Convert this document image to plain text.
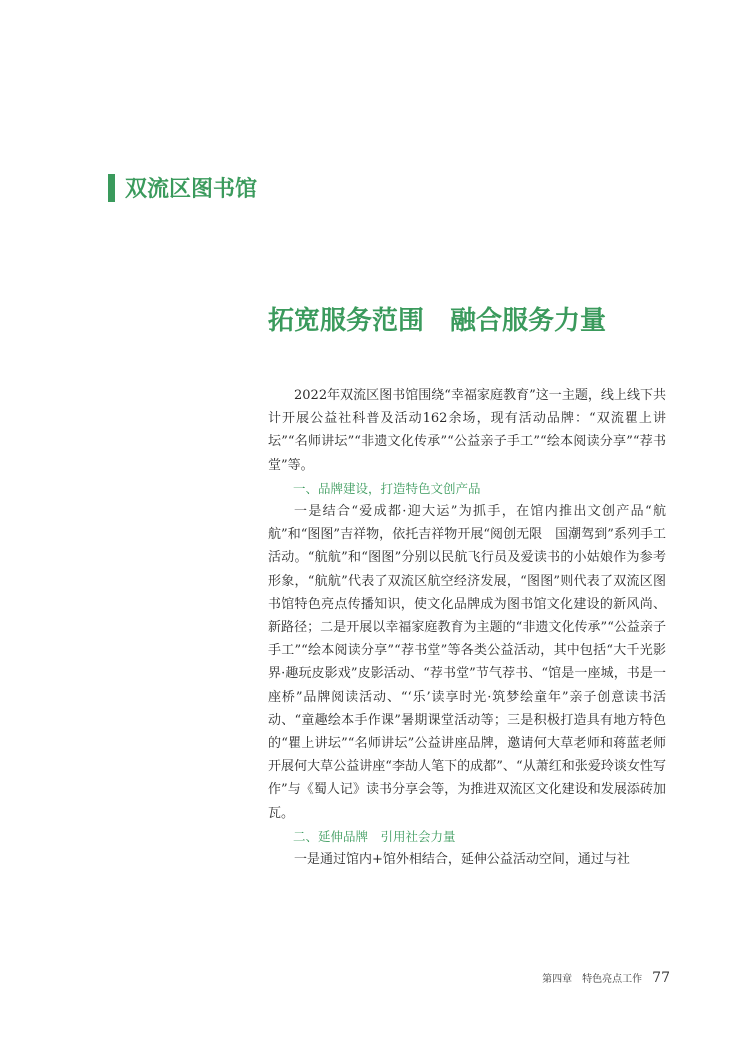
双流区图书馆
拓宽服务范围　融合服务力量

2022年双流区图书馆围绕“幸福家庭教育”这一主题，线上线下共计开展公益社科普及活动162余场，现有活动品牌：“双流瞿上讲坛”“名师讲坛”“非遗文化传承”“公益亲子手工”“绘本阅读分享”“荐书堂”等。

一、品牌建设，打造特色文创产品

一是结合“爱成都·迎大运”为抓手，在馆内推出文创产品“航航”和“图图”吉祥物，依托吉祥物开展“阅创无限　国潮驾到”系列手工活动。“航航”和“图图”分别以民航飞行员及爱读书的小姑娘作为参考形象，“航航”代表了双流区航空经济发展，“图图”则代表了双流区图书馆特色亮点传播知识，使文化品牌成为图书馆文化建设的新风尚、新路径；二是开展以幸福家庭教育为主题的“非遗文化传承”“公益亲子手工”“绘本阅读分享”“荐书堂”等各类公益活动，其中包括“大千光影界·趣玩皮影戏”皮影活动、“荐书堂”节气荐书、“馆是一座城，书是一座桥”品牌阅读活动、“‘乐’读享时光·筑梦绘童年”亲子创意读书活动、“童趣绘本手作课”暑期课堂活动等；三是积极打造具有地方特色的“瞿上讲坛”“名师讲坛”公益讲座品牌，邀请何大草老师和蒋蓝老师开展何大草公益讲座“李劼人笔下的成都”、“从萧红和张爱玲谈女性写作”与《蜀人记》读书分享会等，为推进双流区文化建设和发展添砖加瓦。

二、延伸品牌　引用社会力量

一是通过馆内+馆外相结合，延伸公益活动空间，通过与社

第四章　特色亮点工作 77
